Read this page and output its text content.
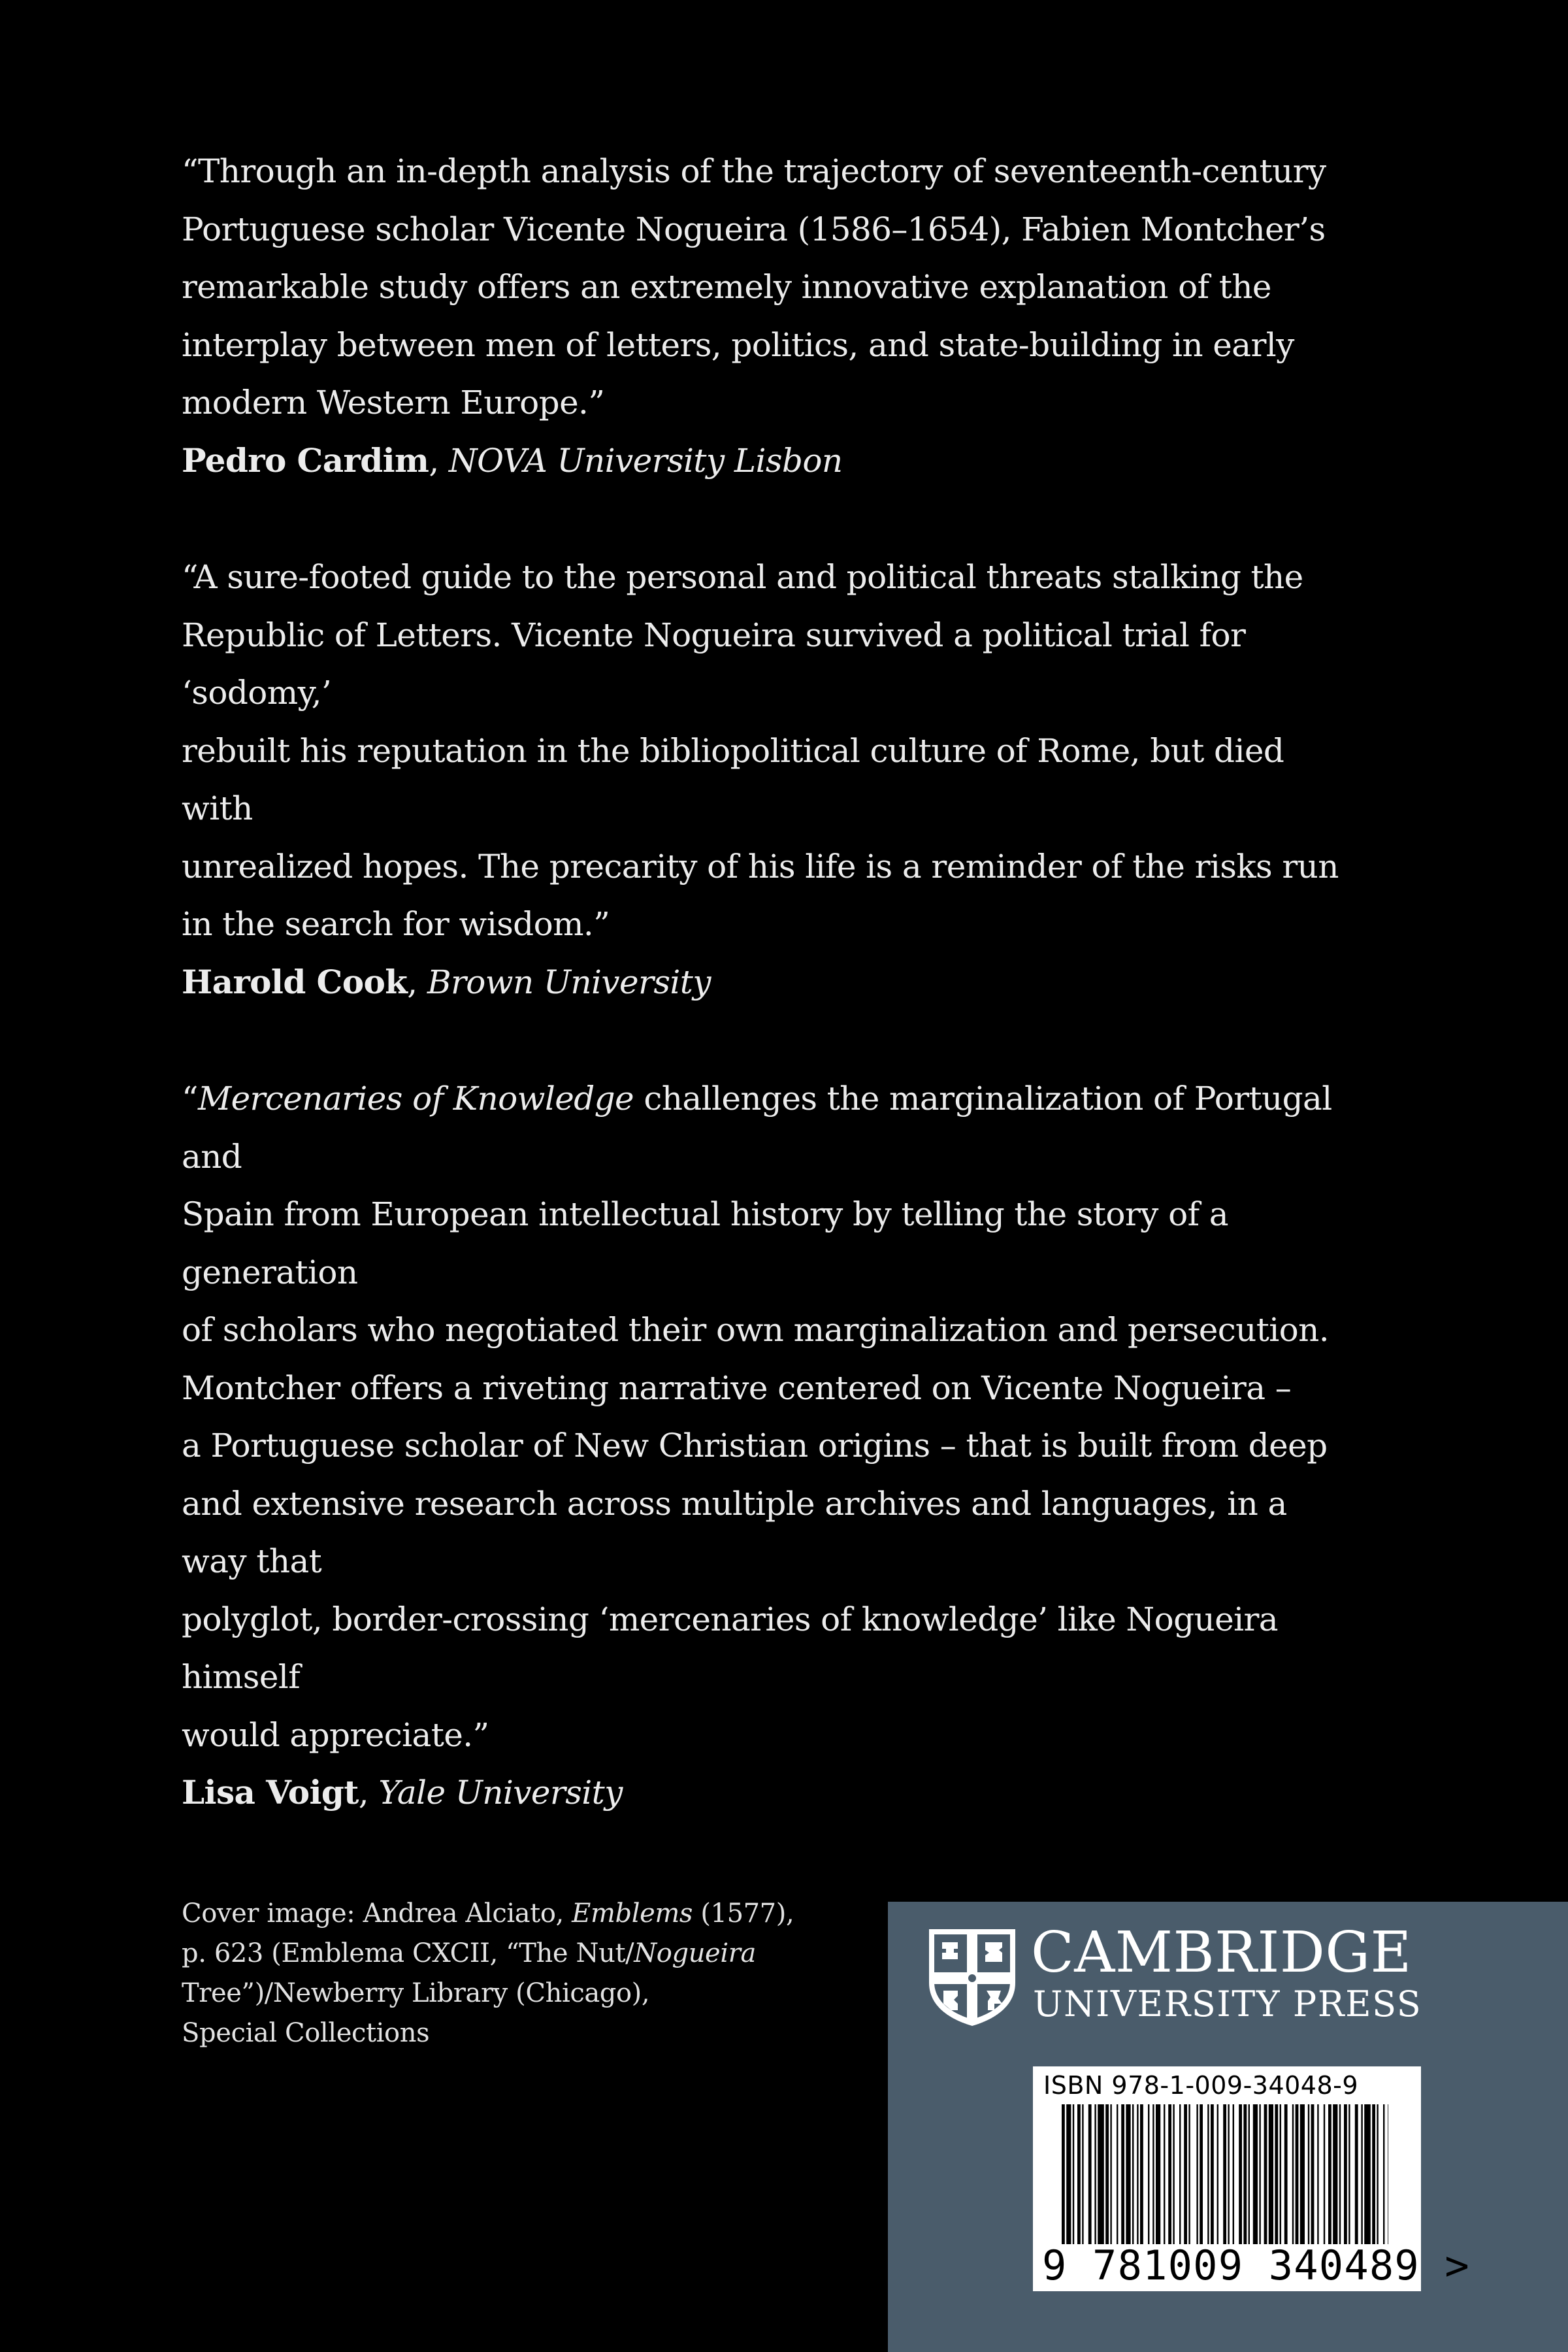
“Through an in-depth analysis of the trajectory of seventeenth-century
Portuguese scholar Vicente Nogueira (1586–1654), Fabien Montcher’s
remarkable study offers an extremely innovative explanation of the
interplay between men of letters, politics, and state-building in early
modern Western Europe.”

Pedro Cardim, NOVA University Lisbon

“A sure-footed guide to the personal and political threats stalking the
Republic of Letters. Vicente Nogueira survived a political trial for ‘sodomy,’
rebuilt his reputation in the bibliopolitical culture of Rome, but died with
unrealized hopes. The precarity of his life is a reminder of the risks run
in the search for wisdom.”

Harold Cook, Brown University

“Mercenaries of Knowledge challenges the marginalization of Portugal and
Spain from European intellectual history by telling the story of a generation
of scholars who negotiated their own marginalization and persecution.
Montcher offers a riveting narrative centered on Vicente Nogueira –
a Portuguese scholar of New Christian origins – that is built from deep
and extensive research across multiple archives and languages, in a way that
polyglot, border-crossing ‘mercenaries of knowledge’ like Nogueira himself
would appreciate.”

Lisa Voigt, Yale University
Cover image: Andrea Alciato, Emblems (1577),
p. 623 (Emblema CXCII, “The Nut/Nogueira
Tree”)/Newberry Library (Chicago),
Special Collections
CAMBRIDGE
UNIVERSITY PRESS
ISBN 978-1-009-34048-9
9 781009 340489 >
